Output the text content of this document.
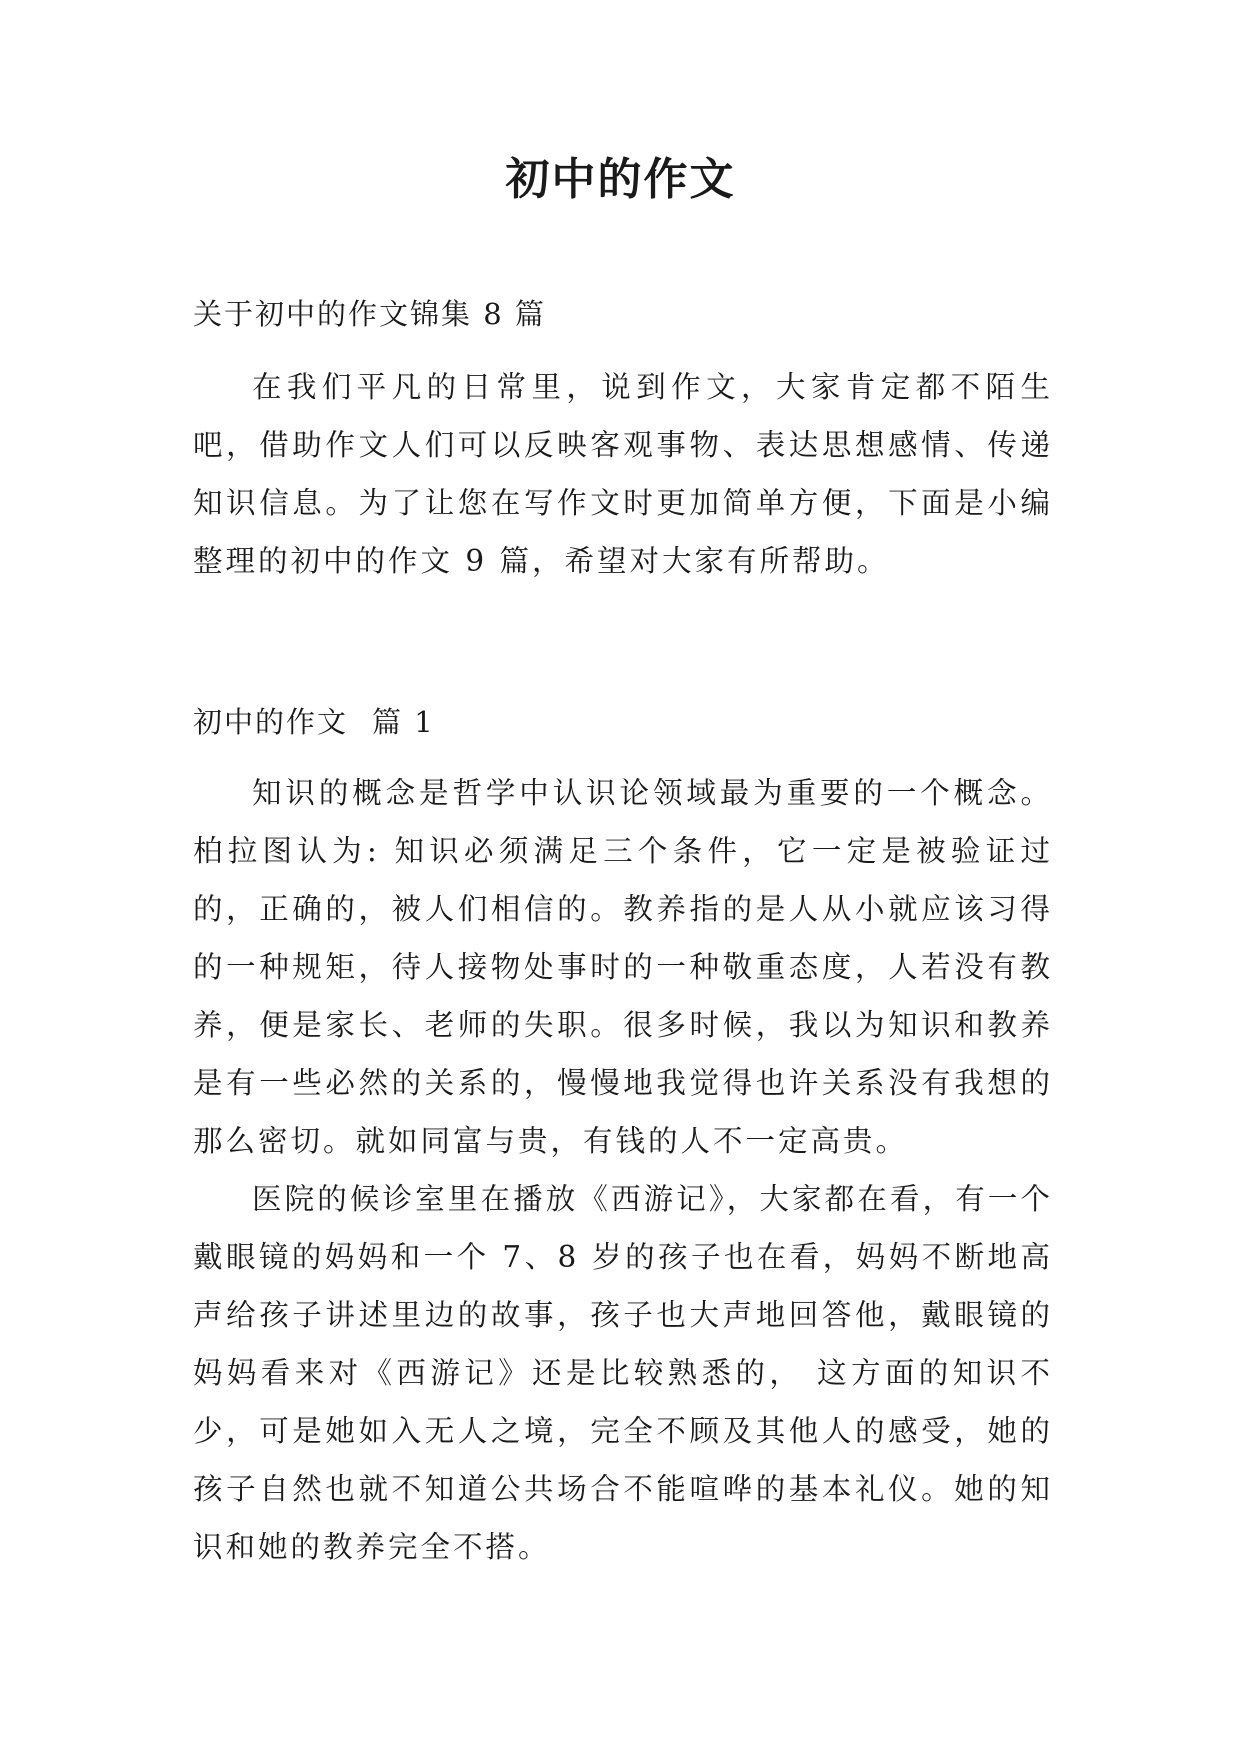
初中的作文
关于初中的作文锦集 8 篇

在我们平凡的日常里，说到作文，大家肯定都不陌生吧，借助作文人们可以反映客观事物、表达思想感情、传递知识信息。为了让您在写作文时更加简单方便，下面是小编整理的初中的作文 9 篇，希望对大家有所帮助。

初中的作文 篇 1

知识的概念是哲学中认识论领域最为重要的一个概念。柏拉图认为: 知识必须满足三个条件，它一定是被验证过的，正确的，被人们相信的。教养指的是人从小就应该习得的一种规矩，待人接物处事时的一种敬重态度，人若没有教养，便是家长、老师的失职。很多时候，我以为知识和教养是有一些必然的关系的，慢慢地我觉得也许关系没有我想的那么密切。就如同富与贵，有钱的人不一定高贵。

医院的候诊室里在播放《西游记》，大家都在看，有一个戴眼镜的妈妈和一个 7、8 岁的孩子也在看，妈妈不断地高声给孩子讲述里边的故事，孩子也大声地回答他，戴眼镜的妈妈看来对《西游记》还是比较熟悉的， 这方面的知识不少，可是她如入无人之境，完全不顾及其他人的感受，她的孩子自然也就不知道公共场合不能喧哗的基本礼仪。她的知识和她的教养完全不搭。
